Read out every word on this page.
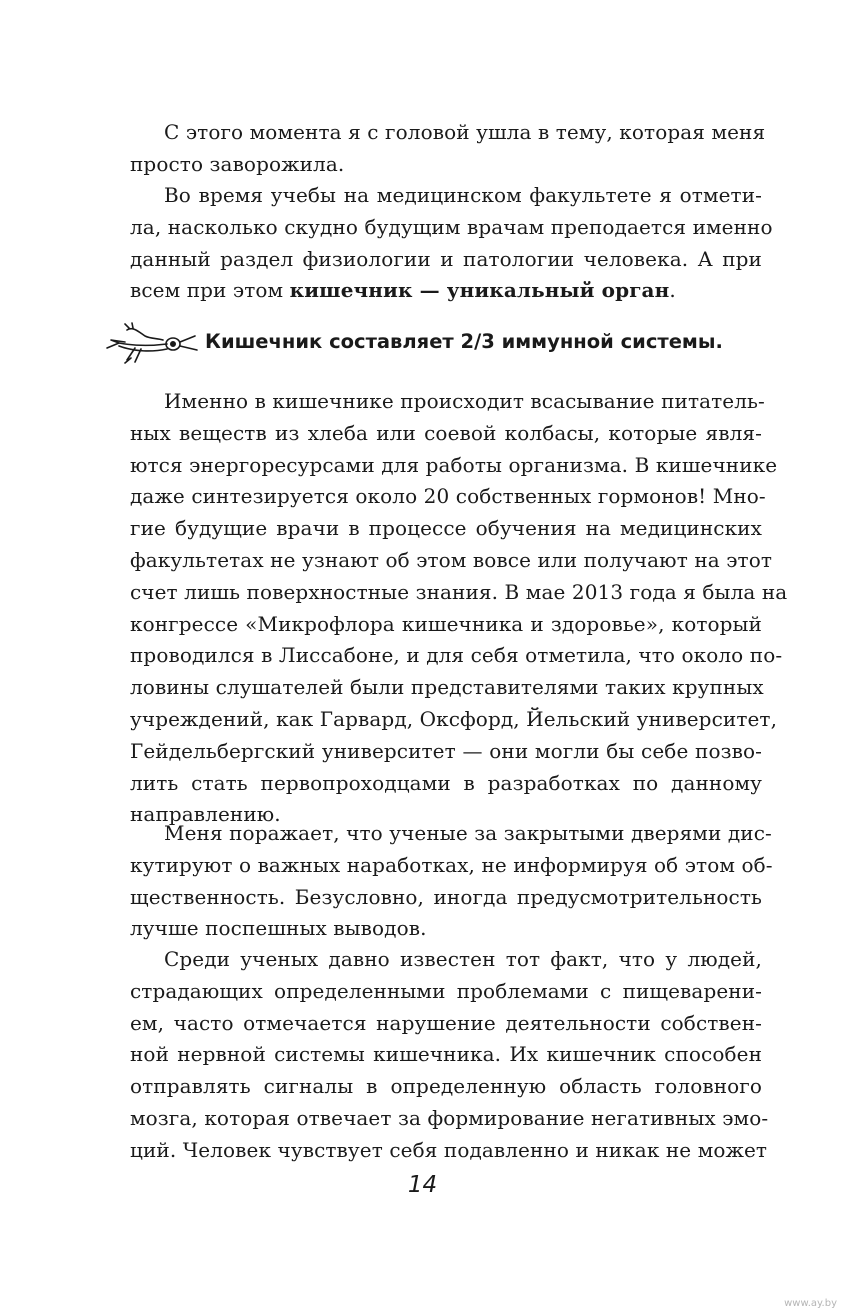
С этого момента я с головой ушла в тему, которая меня
просто заворожила.

Во время учебы на медицинском факультете я отмети-
ла, насколько скудно будущим врачам преподается именно
данный раздел физиологии и патологии человека. А при
всем при этом кишечник — уникальный орган.

Кишечник составляет 2/3 иммунной системы.

Именно в кишечнике происходит всасывание питатель-
ных веществ из хлеба или соевой колбасы, которые явля-
ются энергоресурсами для работы организма. В кишечнике
даже синтезируется около 20 собственных гормонов! Мно-
гие будущие врачи в процессе обучения на медицинских
факультетах не узнают об этом вовсе или получают на этот
счет лишь поверхностные знания. В мае 2013 года я была на
конгрессе «Микрофлора кишечника и здоровье», который
проводился в Лиссабоне, и для себя отметила, что около по-
ловины слушателей были представителями таких крупных
учреждений, как Гарвард, Оксфорд, Йельский университет,
Гейдельбергский университет — они могли бы себе позво-
лить стать первопроходцами в разработках по данному
направлению.

Меня поражает, что ученые за закрытыми дверями дис-
кутируют о важных наработках, не информируя об этом об-
щественность. Безусловно, иногда предусмотрительность
лучше поспешных выводов.

Среди ученых давно известен тот факт, что у людей,
страдающих определенными проблемами с пищеварени-
ем, часто отмечается нарушение деятельности собствен-
ной нервной системы кишечника. Их кишечник способен
отправлять сигналы в определенную область головного
мозга, которая отвечает за формирование негативных эмо-
ций. Человек чувствует себя подавленно и никак не может

14
www.ay.by
